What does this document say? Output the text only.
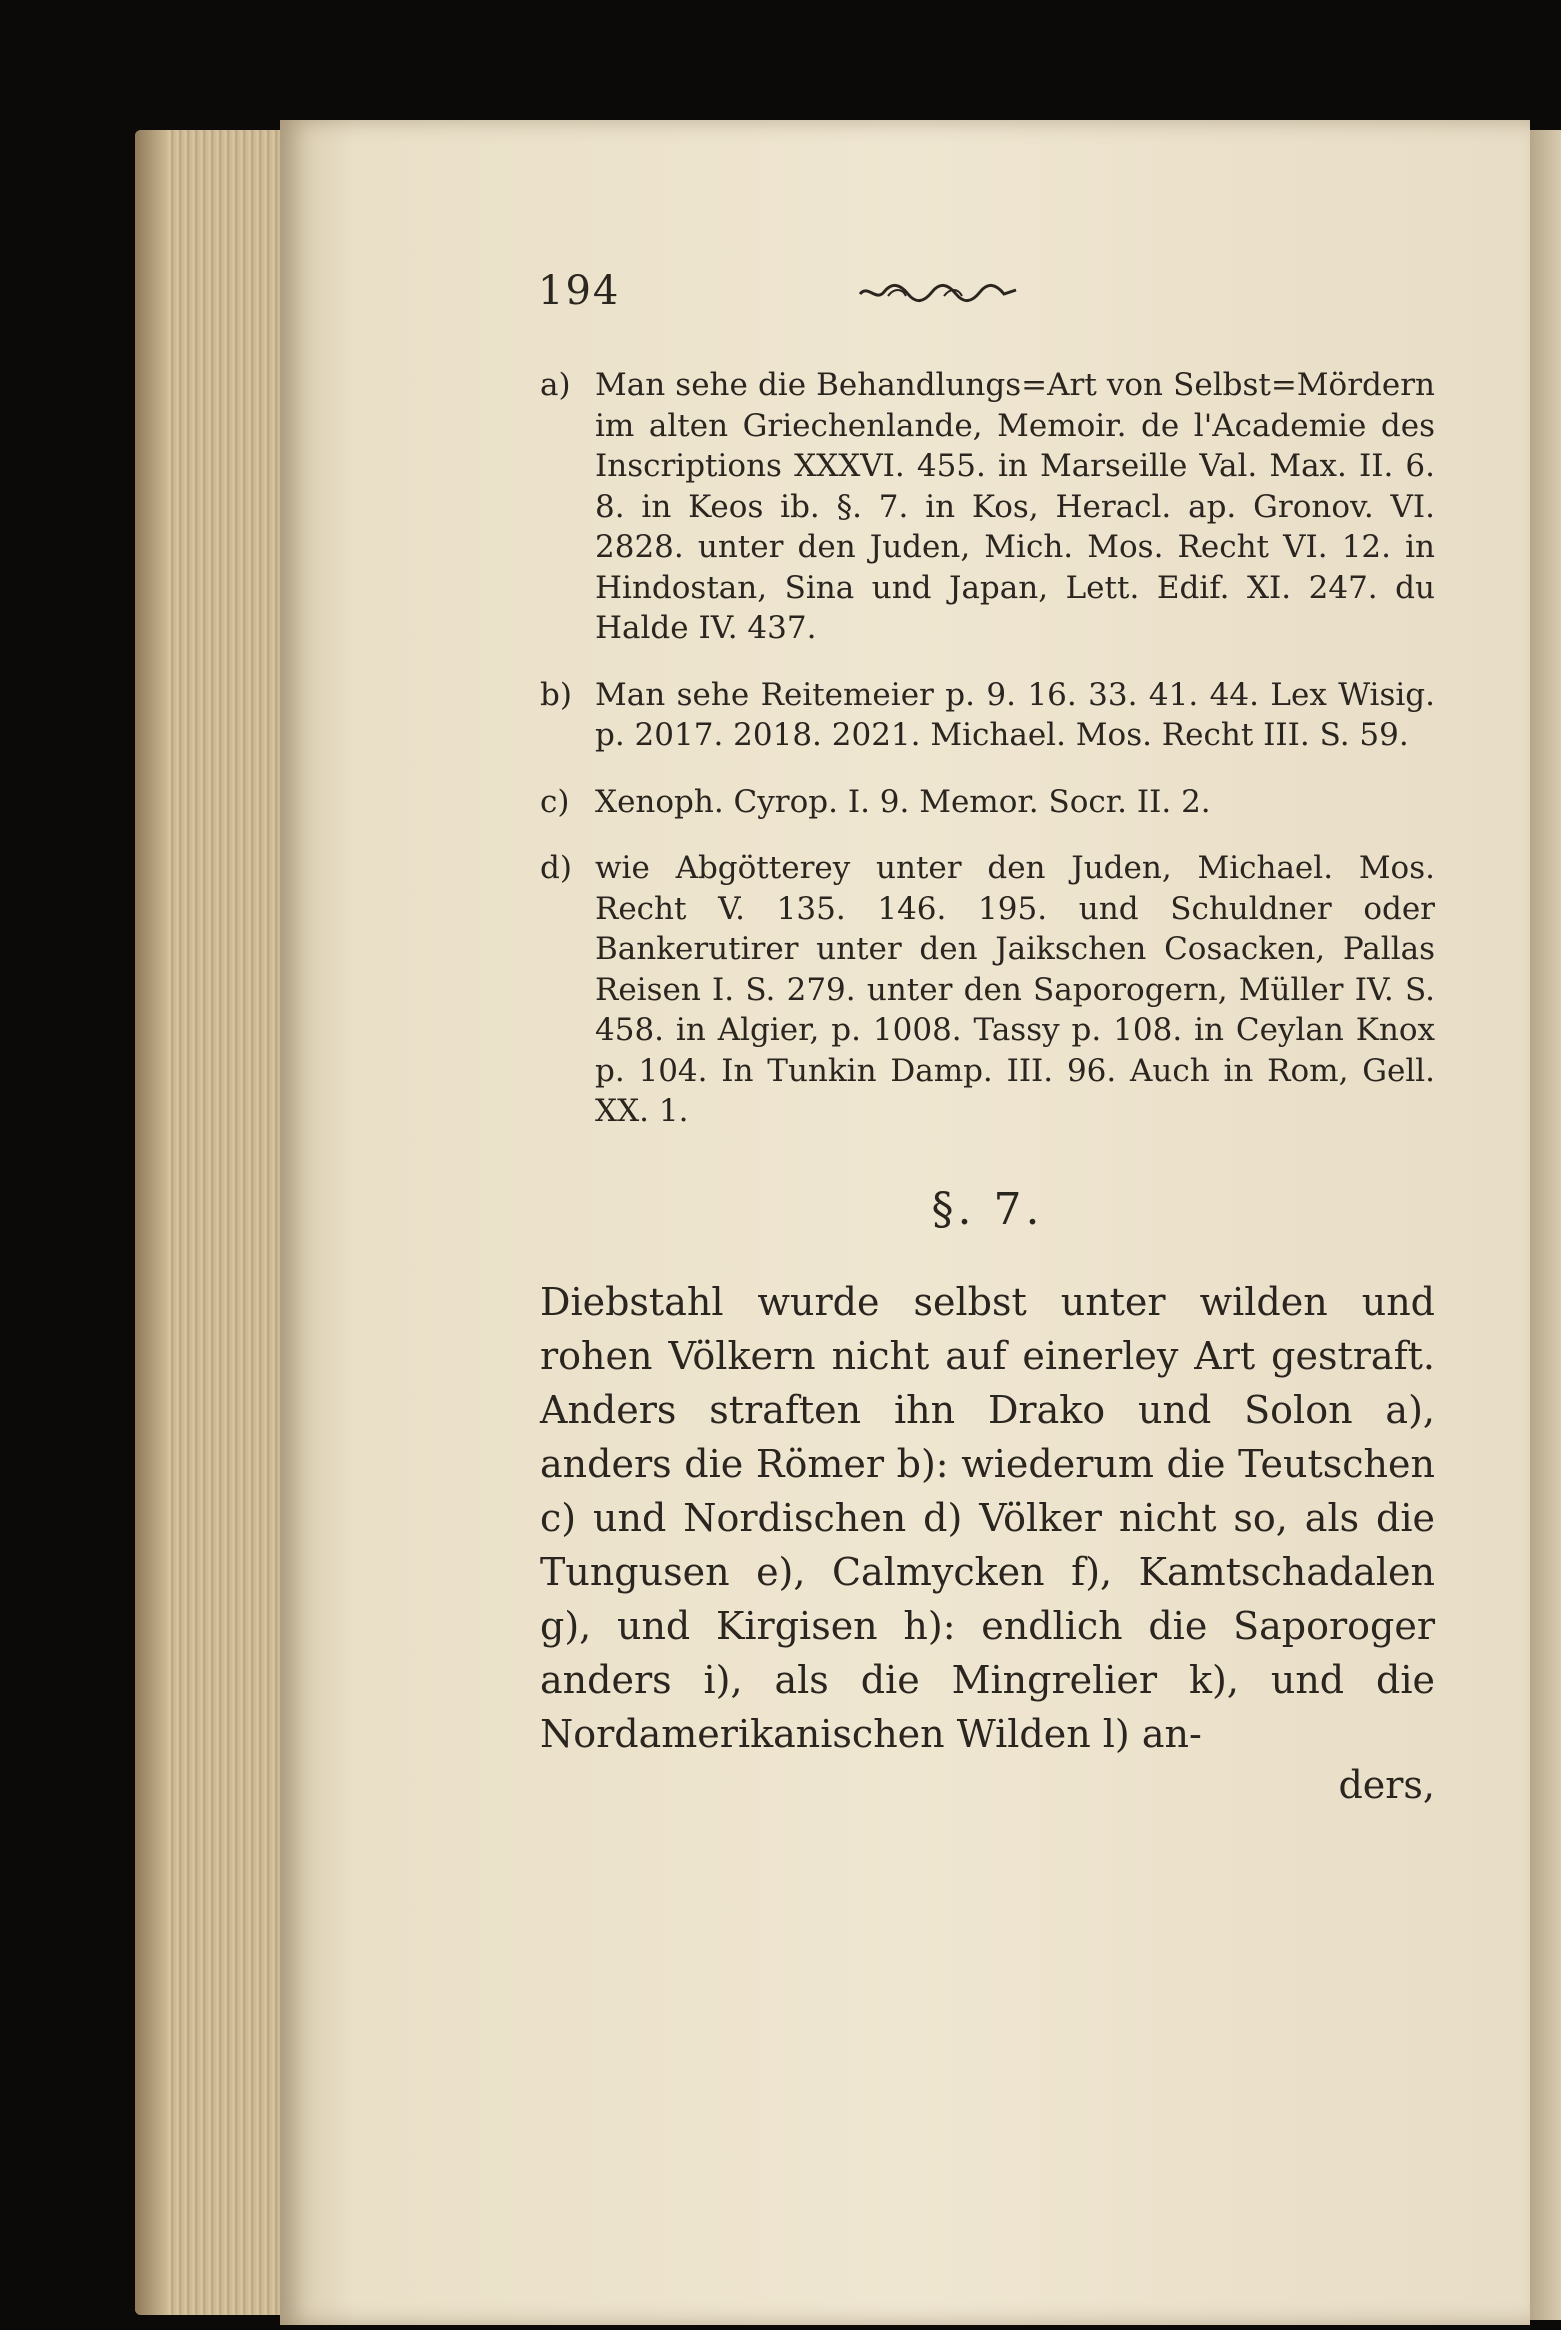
194

a) Man sehe die Behandlungs=Art von Selbst=Mördern im alten Griechenlande, Memoir. de l'Academie des Inscriptions XXXVI. 455. in Marseille Val. Max. II. 6. 8. in Keos ib. §. 7. in Kos, Heracl. ap. Gronov. VI. 2828. unter den Juden, Mich. Mos. Recht VI. 12. in Hindostan, Sina und Japan, Lett. Edif. XI. 247. du Halde IV. 437.

b) Man sehe Reitemeier p. 9. 16. 33. 41. 44. Lex Wisig. p. 2017. 2018. 2021. Michael. Mos. Recht III. S. 59.

c) Xenoph. Cyrop. I. 9. Memor. Socr. II. 2.

d) wie Abgötterey unter den Juden, Michael. Mos. Recht V. 135. 146. 195. und Schuldner oder Bankerutirer unter den Jaikschen Cosacken, Pallas Reisen I. S. 279. unter den Saporogern, Müller IV. S. 458. in Algier, p. 1008. Tassy p. 108. in Ceylan Knox p. 104. In Tunkin Damp. III. 96. Auch in Rom, Gell. XX. 1.

§. 7.

Diebstahl wurde selbst unter wilden und rohen Völkern nicht auf einerley Art gestraft. Anders straften ihn Drako und Solon a), anders die Römer b): wiederum die Teutschen c) und Nordischen d) Völker nicht so, als die Tungusen e), Calmycken f), Kamtschadalen g), und Kirgisen h): endlich die Saporoger anders i), als die Mingrelier k), und die Nordamerikanischen Wilden l) an-

ders,
